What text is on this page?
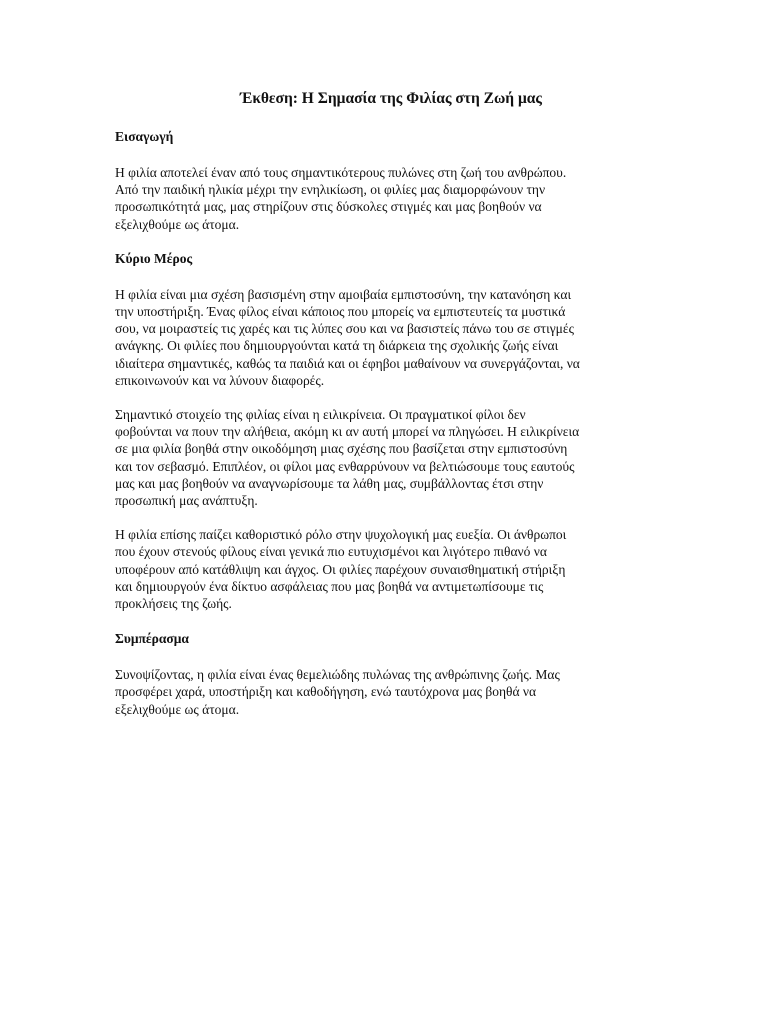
Έκθεση: Η Σημασία της Φιλίας στη Ζωή μας
Εισαγωγή

Η φιλία αποτελεί έναν από τους σημαντικότερους πυλώνες στη ζωή του ανθρώπου.
Από την παιδική ηλικία μέχρι την ενηλικίωση, οι φιλίες μας διαμορφώνουν την
προσωπικότητά μας, μας στηρίζουν στις δύσκολες στιγμές και μας βοηθούν να
εξελιχθούμε ως άτομα.

Κύριο Μέρος

Η φιλία είναι μια σχέση βασισμένη στην αμοιβαία εμπιστοσύνη, την κατανόηση και
την υποστήριξη. Ένας φίλος είναι κάποιος που μπορείς να εμπιστευτείς τα μυστικά
σου, να μοιραστείς τις χαρές και τις λύπες σου και να βασιστείς πάνω του σε στιγμές
ανάγκης. Οι φιλίες που δημιουργούνται κατά τη διάρκεια της σχολικής ζωής είναι
ιδιαίτερα σημαντικές, καθώς τα παιδιά και οι έφηβοι μαθαίνουν να συνεργάζονται, να
επικοινωνούν και να λύνουν διαφορές.

Σημαντικό στοιχείο της φιλίας είναι η ειλικρίνεια. Οι πραγματικοί φίλοι δεν
φοβούνται να πουν την αλήθεια, ακόμη κι αν αυτή μπορεί να πληγώσει. Η ειλικρίνεια
σε μια φιλία βοηθά στην οικοδόμηση μιας σχέσης που βασίζεται στην εμπιστοσύνη
και τον σεβασμό. Επιπλέον, οι φίλοι μας ενθαρρύνουν να βελτιώσουμε τους εαυτούς
μας και μας βοηθούν να αναγνωρίσουμε τα λάθη μας, συμβάλλοντας έτσι στην
προσωπική μας ανάπτυξη.

Η φιλία επίσης παίζει καθοριστικό ρόλο στην ψυχολογική μας ευεξία. Οι άνθρωποι
που έχουν στενούς φίλους είναι γενικά πιο ευτυχισμένοι και λιγότερο πιθανό να
υποφέρουν από κατάθλιψη και άγχος. Οι φιλίες παρέχουν συναισθηματική στήριξη
και δημιουργούν ένα δίκτυο ασφάλειας που μας βοηθά να αντιμετωπίσουμε τις
προκλήσεις της ζωής.

Συμπέρασμα

Συνοψίζοντας, η φιλία είναι ένας θεμελιώδης πυλώνας της ανθρώπινης ζωής. Μας
προσφέρει χαρά, υποστήριξη και καθοδήγηση, ενώ ταυτόχρονα μας βοηθά να
εξελιχθούμε ως άτομα.
